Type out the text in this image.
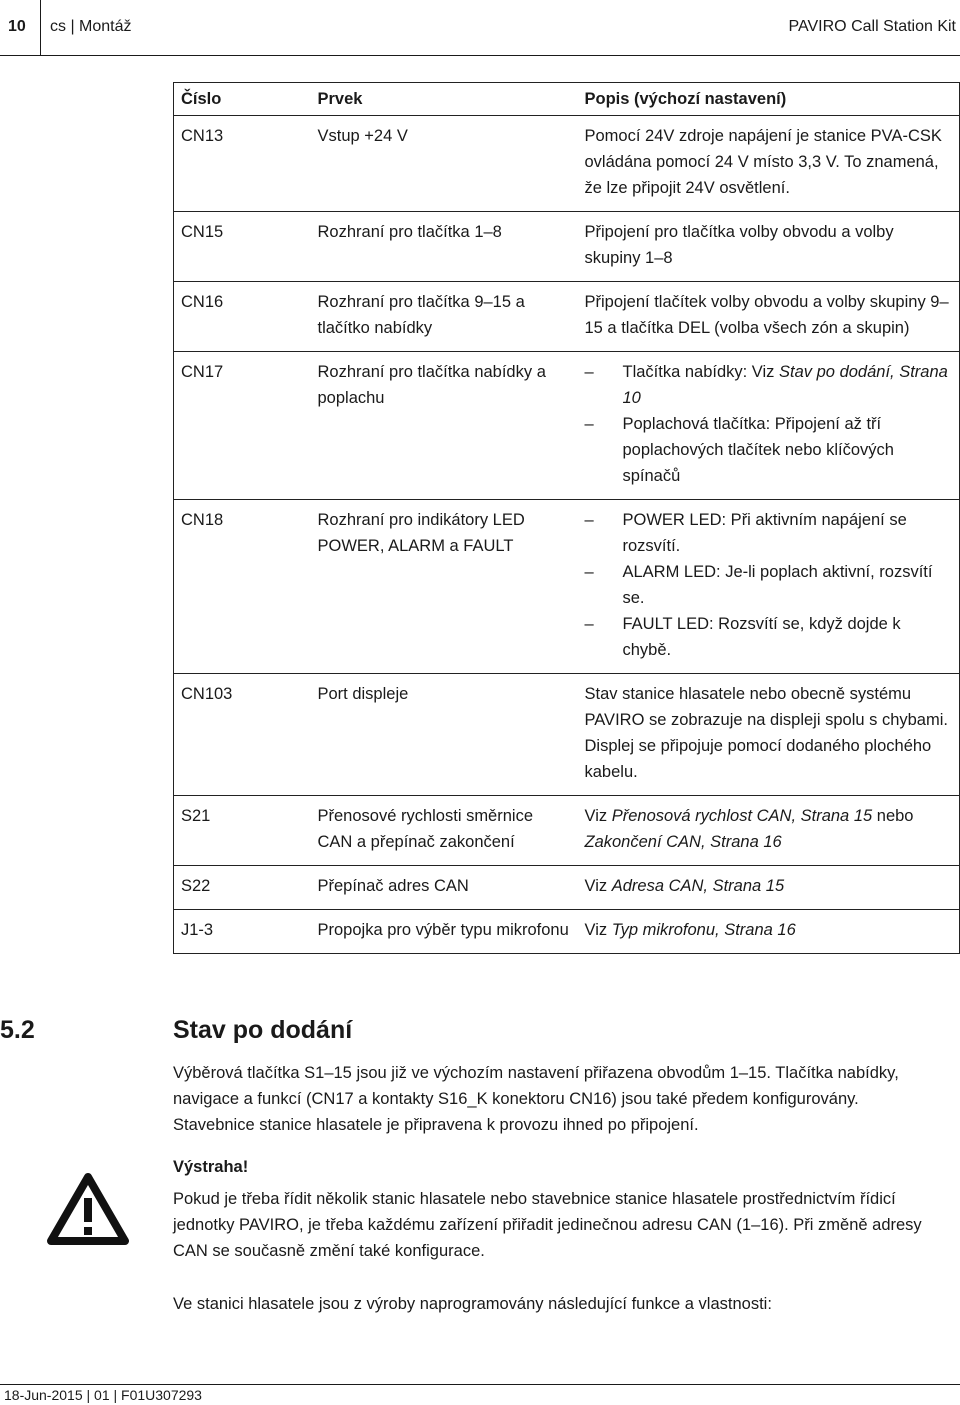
10 cs | Montáž	PAVIRO Call Station Kit
Číslo	Prvek	Popis (výchozí nastavení)
CN13	Vstup +24 V	Pomocí 24V zdroje napájení je stanice PVA-CSK ovládána pomocí 24 V místo 3,3 V. To znamená, že lze připojit 24V osvětlení.
CN15	Rozhraní pro tlačítka 1–8	Připojení pro tlačítka volby obvodu a volby skupiny 1–8
CN16	Rozhraní pro tlačítka 9–15 a tlačítko nabídky	Připojení tlačítek volby obvodu a volby skupiny 9–15 a tlačítka DEL (volba všech zón a skupin)
CN17	Rozhraní pro tlačítka nabídky a poplachu	– Tlačítka nabídky: Viz Stav po dodání, Strana 10
– Poplachová tlačítka: Připojení až tří poplachových tlačítek nebo klíčových spínačů

CN18	Rozhraní pro indikátory LED POWER, ALARM a FAULT	– POWER LED: Při aktivním napájení se rozsvítí.
– ALARM LED: Je-li poplach aktivní, rozsvítí se.
– FAULT LED: Rozsvítí se, když dojde k chybě.

CN103	Port displeje	Stav stanice hlasatele nebo obecně systému PAVIRO se zobrazuje na displeji spolu s chybami. Displej se připojuje pomocí dodaného plochého kabelu.
S21	Přenosové rychlosti směrnice CAN a přepínač zakončení	Viz Přenosová rychlost CAN, Strana 15 nebo Zakončení CAN, Strana 16
S22	Přepínač adres CAN	Viz Adresa CAN, Strana 15
J1-3	Propojka pro výběr typu mikrofonu	Viz Typ mikrofonu, Strana 16
5.2	Stav po dodání

Výběrová tlačítka S1–15 jsou již ve výchozím nastavení přiřazena obvodům 1–15. Tlačítka nabídky, navigace a funkcí (CN17 a kontakty S16_K konektoru CN16) jsou také předem konfigurovány. Stavebnice stanice hlasatele je připravena k provozu ihned po připojení.

Výstraha!

Pokud je třeba řídit několik stanic hlasatele nebo stavebnice stanice hlasatele prostřednictvím řídicí jednotky PAVIRO, je třeba každému zařízení přiřadit jedinečnou adresu CAN (1–16). Při změně adresy CAN se současně změní také konfigurace.

Ve stanici hlasatele jsou z výroby naprogramovány následující funkce a vlastnosti:

18-Jun-2015 | 01 | F01U307293
